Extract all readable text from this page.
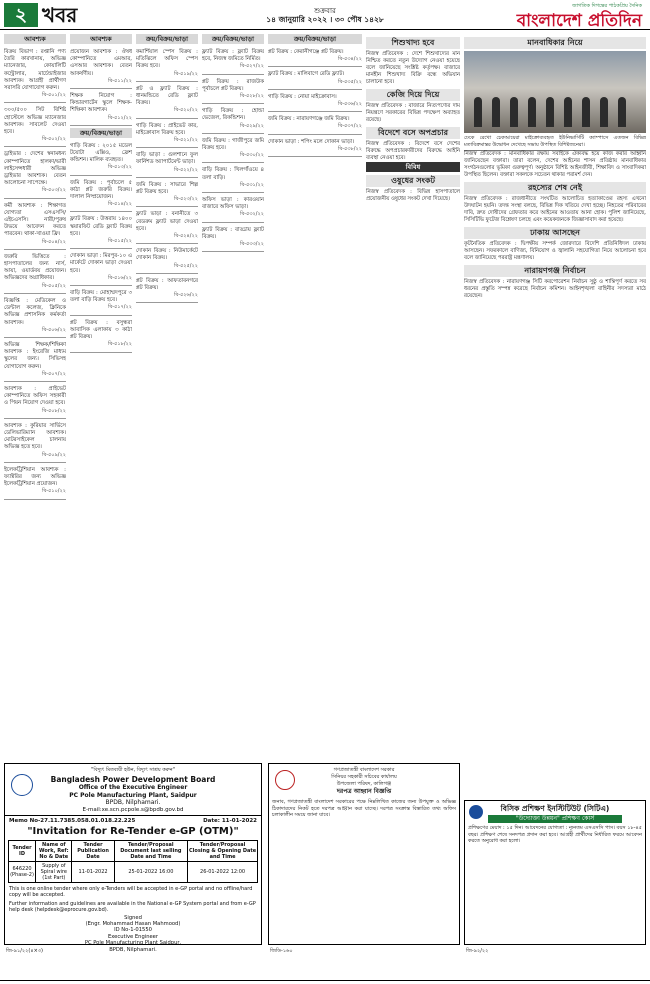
২ খবর	শুক্রবার
১৪ জানুয়ারি ২০২২ । ৩০ পৌষ ১৪২৮
জাগতিক দিগন্তের পাঠকপ্রিয় দৈনিক
বাংলাদেশ প্রতিদিন
আবশ্যক
বিক্রয় বিভাগ : রপ্তানি পণ্য তৈরি কারখানায়, অভিজ্ঞ ম্যানেজার, কোয়ালিটি কন্ট্রোলার, মার্চেন্ডাইজার আবশ্যক। আগ্রহী প্রার্থীগণ সরাসরি যোগাযোগ করুন।
বি-৫০১/২২
৩০০/৫০০ সিট বিশিষ্ট হোস্টেলে অভিজ্ঞ ম্যানেজার আবশ্যক। সাবলেট দেওয়া হবে।
বি-৫০২/২২
ড্রাইভার : দেশের স্বনামধন্য কোম্পানিতে হালকা/ভারী লাইসেন্সধারী অভিজ্ঞ ড্রাইভার আবশ্যক। বেতন আলোচনা সাপেক্ষে।
বি-৫০৩/২২
কর্মী আবশ্যক : শিক্ষাগত যোগ্যতা এসএসসি/এইচএসসি। নারী/পুরুষ উভয়ে আবেদন করতে পারবেন। থাকা-খাওয়া ফ্রি।
বি-৫০৪/২২
জরুরি ভিত্তিতে : হাসপাতালের জন্য নার্স, আয়া, ওয়ার্ডবয় প্রয়োজন। অভিজ্ঞদের অগ্রাধিকার।
বি-৫০৫/২২
বিজ্ঞপ্তি : মেডিকেল ও ডেন্টাল কলেজ, ক্লিনিকে অভিজ্ঞ প্রশাসনিক কর্মকর্তা আবশ্যক।
বি-৫০৬/২২
অভিজ্ঞ শিক্ষক/শিক্ষিকা আবশ্যক : ইংরেজি মাধ্যম স্কুলের জন্য। সিভিসহ যোগাযোগ করুন।
বি-৫০৭/২২
আবশ্যক : প্রাইভেট কোম্পানিতে অফিস সহকারী ও পিয়ন নিয়োগ দেওয়া হবে।
বি-৫০৮/২২
আবশ্যক : কুরিয়ার সার্ভিসে ডেলিভারিম্যান আবশ্যক। মোটরসাইকেল চালনায় অভিজ্ঞ হতে হবে।
বি-৫০৯/২২
ইলেকট্রিশিয়ান আবশ্যক : ফ্যাক্টরির জন্য অভিজ্ঞ ইলেকট্রিশিয়ান প্রয়োজন।
বি-৫১০/২২
আবশ্যক
প্রয়োজন আবশ্যক : ঔষধ কোম্পানিতে এমআর, এসআর আবশ্যক। বেতন আকর্ষণীয়।
বি-৫১১/২২
শিক্ষক নিয়োগ : কিন্ডারগার্টেন স্কুলে শিক্ষক-শিক্ষিকা আবশ্যক।
বি-৫১২/২২
ক্রয়/বিক্রয়/ভাড়া
গাড়ি বিক্রয় : ২০১৫ মডেল টয়োটা এক্সিও, ফ্রেশ কন্ডিশন। মালিক ব্যবহৃত।
বি-৫১৩/২২
জমি বিক্রয় : পূর্বাচলে ৫ কাঠা প্লট জরুরি বিক্রয়। দালাল নিষ্প্রয়োজন।
বি-৫১৪/২২
ফ্ল্যাট বিক্রয় : উত্তরায় ১৪০০ স্কয়ারফিট রেডি ফ্ল্যাট বিক্রয় হবে।
বি-৫১৫/২২
দোকান ভাড়া : মিরপুর-১০ এ মার্কেটে দোকান ভাড়া দেওয়া হবে।
বি-৫১৬/২২
বাড়ি বিক্রয় : মোহাম্মদপুরে ৩ তলা বাড়ি বিক্রয় হবে।
বি-৫১৭/২২
প্লট বিক্রয় : বসুন্ধরা আবাসিক এলাকায় ৩ কাঠা প্লট বিক্রয়।
বি-৫১৮/২২
ক্রয়/বিক্রয়/ভাড়া
কমার্শিয়াল স্পেস বিক্রয় : মতিঝিলে অফিস স্পেস বিক্রয় হবে।
বি-৫১৯/২২
প্লট ও ফ্ল্যাট বিক্রয় : ধানমন্ডিতে রেডি ফ্ল্যাট বিক্রয়।
বি-৫২০/২২
গাড়ি বিক্রয় : প্রাইভেট কার, মাইক্রোবাস বিক্রয় হবে।
বি-৫২১/২২
বাড়ি ভাড়া : গুলশানে ফুল ফার্নিশড অ্যাপার্টমেন্ট ভাড়া।
বি-৫২২/২২
জমি বিক্রয় : সাভারে শিল্প প্লট বিক্রয় হবে।
বি-৫২৩/২২
ফ্ল্যাট ভাড়া : বনানীতে ৩ বেডরুম ফ্ল্যাট ভাড়া দেওয়া হবে।
বি-৫২৪/২২
দোকান বিক্রয় : নিউমার্কেটে দোকান বিক্রয়।
বি-৫২৫/২২
প্লট বিক্রয় : আফতাবনগরে প্লট বিক্রয়।
বি-৫২৬/২২
ক্রয়/বিক্রয়/ভাড়া
ফ্ল্যাট বিক্রয় : ফ্ল্যাট বিক্রয় হবে, নিজস্ব জমিতে নির্মিত।
বি-৫২৭/২২
প্লট বিক্রয় : রাজউক পূর্বাচলে প্লট বিক্রয়।
বি-৫২৮/২২
গাড়ি বিক্রয় : হোন্ডা ভেজেল, রিকন্ডিশন।
বি-৫২৯/২২
জমি বিক্রয় : গাজীপুরে জমি বিক্রয় হবে।
বি-৫৩০/২২
বাড়ি বিক্রয় : খিলগাঁওয়ে ৪ তলা বাড়ি।
বি-৫৩১/২২
অফিস ভাড়া : কারওয়ান বাজারে অফিস ভাড়া।
বি-৫৩২/২২
ফ্ল্যাট বিক্রয় : বাড্ডায় ফ্ল্যাট বিক্রয়।
বি-৫৩৩/২২
ক্রয়/বিক্রয়/ভাড়া
প্লট বিক্রয় : কেরানীগঞ্জে প্লট বিক্রয়।
বি-৫৩৪/২২
ফ্ল্যাট বিক্রয় : মালিবাগে রেডি ফ্ল্যাট।
বি-৫৩৫/২২
গাড়ি বিক্রয় : নোয়া মাইক্রোবাস।
বি-৫৩৬/২২
জমি বিক্রয় : নারায়ণগঞ্জে জমি বিক্রয়।
বি-৫৩৭/২২
দোকান ভাড়া : শপিং মলে দোকান ভাড়া।
বি-৫৩৮/২২
শিশুখাদ্য হবে
নিজস্ব প্রতিবেদক : দেশে শিশুখাদ্যের মান নিশ্চিত করতে নতুন উদ্যোগ নেওয়া হয়েছে বলে জানিয়েছে সংশ্লিষ্ট কর্তৃপক্ষ। বাজারে মানহীন শিশুখাদ্য বিক্রি বন্ধে অভিযান চালানো হবে।
কেজি দিয়ে দিয়ে
নিজস্ব প্রতিবেদক : বাজারে নিত্যপণ্যের দাম নিয়ন্ত্রণে সরকারের বিভিন্ন পদক্ষেপ অব্যাহত রয়েছে।
বিদেশে বসে অপপ্রচার
নিজস্ব প্রতিবেদক : বিদেশে বসে দেশের বিরুদ্ধে অপপ্রচারকারীদের বিরুদ্ধে আইনি ব্যবস্থা নেওয়া হবে।
বিবিধ
ওষুধের সংকট
নিজস্ব প্রতিবেদক : বিভিন্ন হাসপাতালে প্রয়োজনীয় ওষুধের সংকট দেখা দিয়েছে।
মানবাধিকার নিয়ে
ঢেকে রেখো চেকআয়েরা মাইক্রোব্যবহৃত ইউনিভার্সিটি ক্যাম্পাসে এতজন বিভিন্ন মতাবিক্রমান্তর উদ্ধোধন দেখেছে সভায় উপস্থিত বিশিষ্টজনেরা।
নিজস্ব প্রতিবেদক : মানবাধিকার রক্ষায় সবাইকে ঐক্যবদ্ধ হয়ে কাজ করার আহ্বান জানিয়েছেন বক্তারা। তারা বলেন, দেশের আইনের শাসন প্রতিষ্ঠায় মানবাধিকার সংগঠনগুলোর ভূমিকা গুরুত্বপূর্ণ। অনুষ্ঠানে বিশিষ্ট আইনজীবী, শিক্ষাবিদ ও সাংবাদিকরা উপস্থিত ছিলেন। বক্তারা সকলকে সচেতন থাকার পরামর্শ দেন।
রহস্যের শেষ নেই
নিজস্ব প্রতিবেদক : রাজধানীতে সংঘটিত আলোচিত হত্যাকাণ্ডের রহস্য এখনো উদঘাটন হয়নি। তদন্ত সংস্থা বলছে, বিভিন্ন দিক খতিয়ে দেখা হচ্ছে। নিহতের পরিবারের দাবি, দ্রুত দোষীদের গ্রেফতার করে আইনের আওতায় আনা হোক। পুলিশ জানিয়েছে, সিসিটিভি ফুটেজ বিশ্লেষণ চলছে এবং কয়েকজনকে জিজ্ঞাসাবাদ করা হয়েছে।
ঢাকায় আসছেন
কূটনৈতিক প্রতিবেদক : দ্বিপক্ষীয় সম্পর্ক জোরদারে বিদেশি প্রতিনিধিদল ঢাকায় আসছেন। সফরকালে বাণিজ্য, বিনিয়োগ ও জ্বালানি সহযোগিতা নিয়ে আলোচনা হবে বলে জানিয়েছে পররাষ্ট্র মন্ত্রণালয়।
নারায়ণগঞ্জ নির্বাচন
নিজস্ব প্রতিবেদক : নারায়ণগঞ্জ সিটি করপোরেশন নির্বাচন সুষ্ঠু ও শান্তিপূর্ণ করতে সব ধরনের প্রস্তুতি সম্পন্ন করেছে নির্বাচন কমিশন। আইনশৃঙ্খলা বাহিনীর সদস্যরা মাঠে রয়েছেন।
"বিদ্যুৎ মিতব্যয়ী হউন, বিদ্যুৎ সাশ্রয় করুন"
Bangladesh Power Development Board
Office of the Executive Engineer
PC Pole Manufacturing Plant, Saidpur
BPDB, Nilphamari.
E-mail:xe.scn.pcpole.s@bpdb.gov.bd
Memo No-27.11.7385.058.01.018.22.225	Date: 11-01-2022
"Invitation for Re-Tender e-GP (OTM)"
Tender ID	Name of Work, Ref: No & Date	Tender Publication Date	Tender/Proposal Document last selling Date and Time	Tender/Proposal Closing & Opening Date and Time
646220 (Phase-2)	Supply of Spiral wire (1st Part)	11-01-2022	25-01-2022 16:00	26-01-2022 12:00
This is one online tender where only e-Tenders will be accepted in e-GP portal and no offline/hard copy will be accepted.
Further information and guidelines are available in the National e-GP System portal and from e-GP help desk (helpdesk@eprocure.gov.bd).
Signed
(Engr. Mohammad Hasan Mahmood)
ID No-1-01550
Executive Engineer
PC Pole Manufacturing Plant Saidpur,
BPDB, Nilphamari.
জি-৯১/২২(৪×৩)
গণপ্রজাতন্ত্রী বাংলাদেশ সরকার
সিনিয়র সহকারী সচিবের কার্যালয়
উপজেলা পরিষদ, কালিগঞ্জ
দরপত্র আহ্বান বিজ্ঞপ্তি
জনাব, গণপ্রজাতন্ত্রী বাংলাদেশ সরকারের পক্ষে নিম্নলিখিত কাজের জন্য উপযুক্ত ও অভিজ্ঞ ঠিকাদারদের নিকট হতে দরপত্র আহ্বান করা যাচ্ছে। দরপত্র সংক্রান্ত বিস্তারিত তথ্য অফিস চলাকালীন সময়ে জানা যাবে।
জিডি-১৬০
বিসিক প্রশিক্ষণ ইনস্টিটিউট (সিটিএ)
"উদ্যোক্তা উন্নয়ন" প্রশিক্ষণ কোর্স
প্রশিক্ষণের মেয়াদ : ১৫ দিন। আবেদনের যোগ্যতা : ন্যূনতম এসএসসি পাস। বয়স ১৮-৪৫ বছর। প্রশিক্ষণ শেষে সনদপত্র প্রদান করা হবে। আগ্রহী প্রার্থীদের নির্ধারিত ফরমে আবেদন করতে অনুরোধ করা হলো।
জি-৯২/২২
